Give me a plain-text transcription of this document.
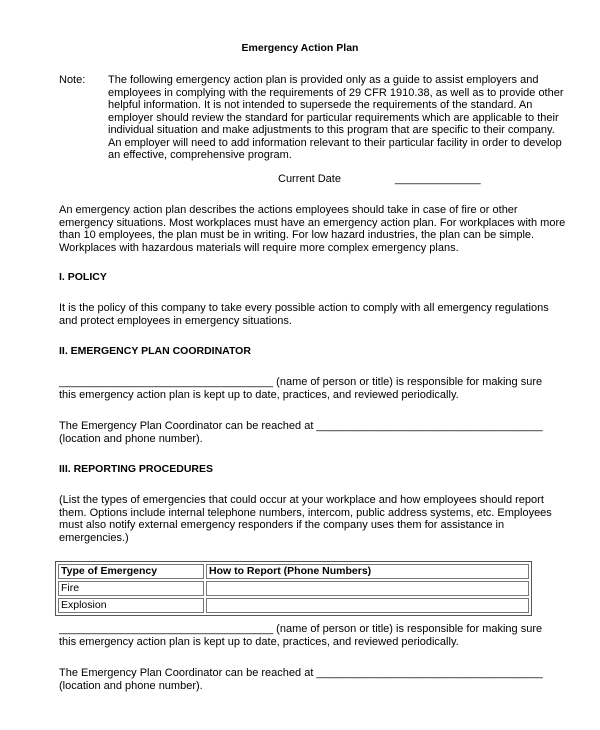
Emergency Action Plan
Note: The following emergency action plan is provided only as a guide to assist employers and
employees in complying with the requirements of 29 CFR 1910.38, as well as to provide other
helpful information. It is not intended to supersede the requirements of the standard. An
employer should review the standard for particular requirements which are applicable to their
individual situation and make adjustments to this program that are specific to their company.
An employer will need to add information relevant to their particular facility in order to develop
an effective, comprehensive program.
Current Date	______________
An emergency action plan describes the actions employees should take in case of fire or other
emergency situations. Most workplaces must have an emergency action plan. For workplaces with more
than 10 employees, the plan must be in writing. For low hazard industries, the plan can be simple.
Workplaces with hazardous materials will require more complex emergency plans.
I. POLICY
It is the policy of this company to take every possible action to comply with all emergency regulations
and protect employees in emergency situations.
II. EMERGENCY PLAN COORDINATOR
___________________________________ (name of person or title) is responsible for making sure
this emergency action plan is kept up to date, practices, and reviewed periodically.
The Emergency Plan Coordinator can be reached at _____________________________________
(location and phone number).
III. REPORTING PROCEDURES
(List the types of emergencies that could occur at your workplace and how employees should report
them. Options include internal telephone numbers, intercom, public address systems, etc. Employees
must also notify external emergency responders if the company uses them for assistance in
emergencies.)
Type of Emergency	How to Report (Phone Numbers)
Fire	
Explosion	
___________________________________ (name of person or title) is responsible for making sure
this emergency action plan is kept up to date, practices, and reviewed periodically.
The Emergency Plan Coordinator can be reached at _____________________________________
(location and phone number).
